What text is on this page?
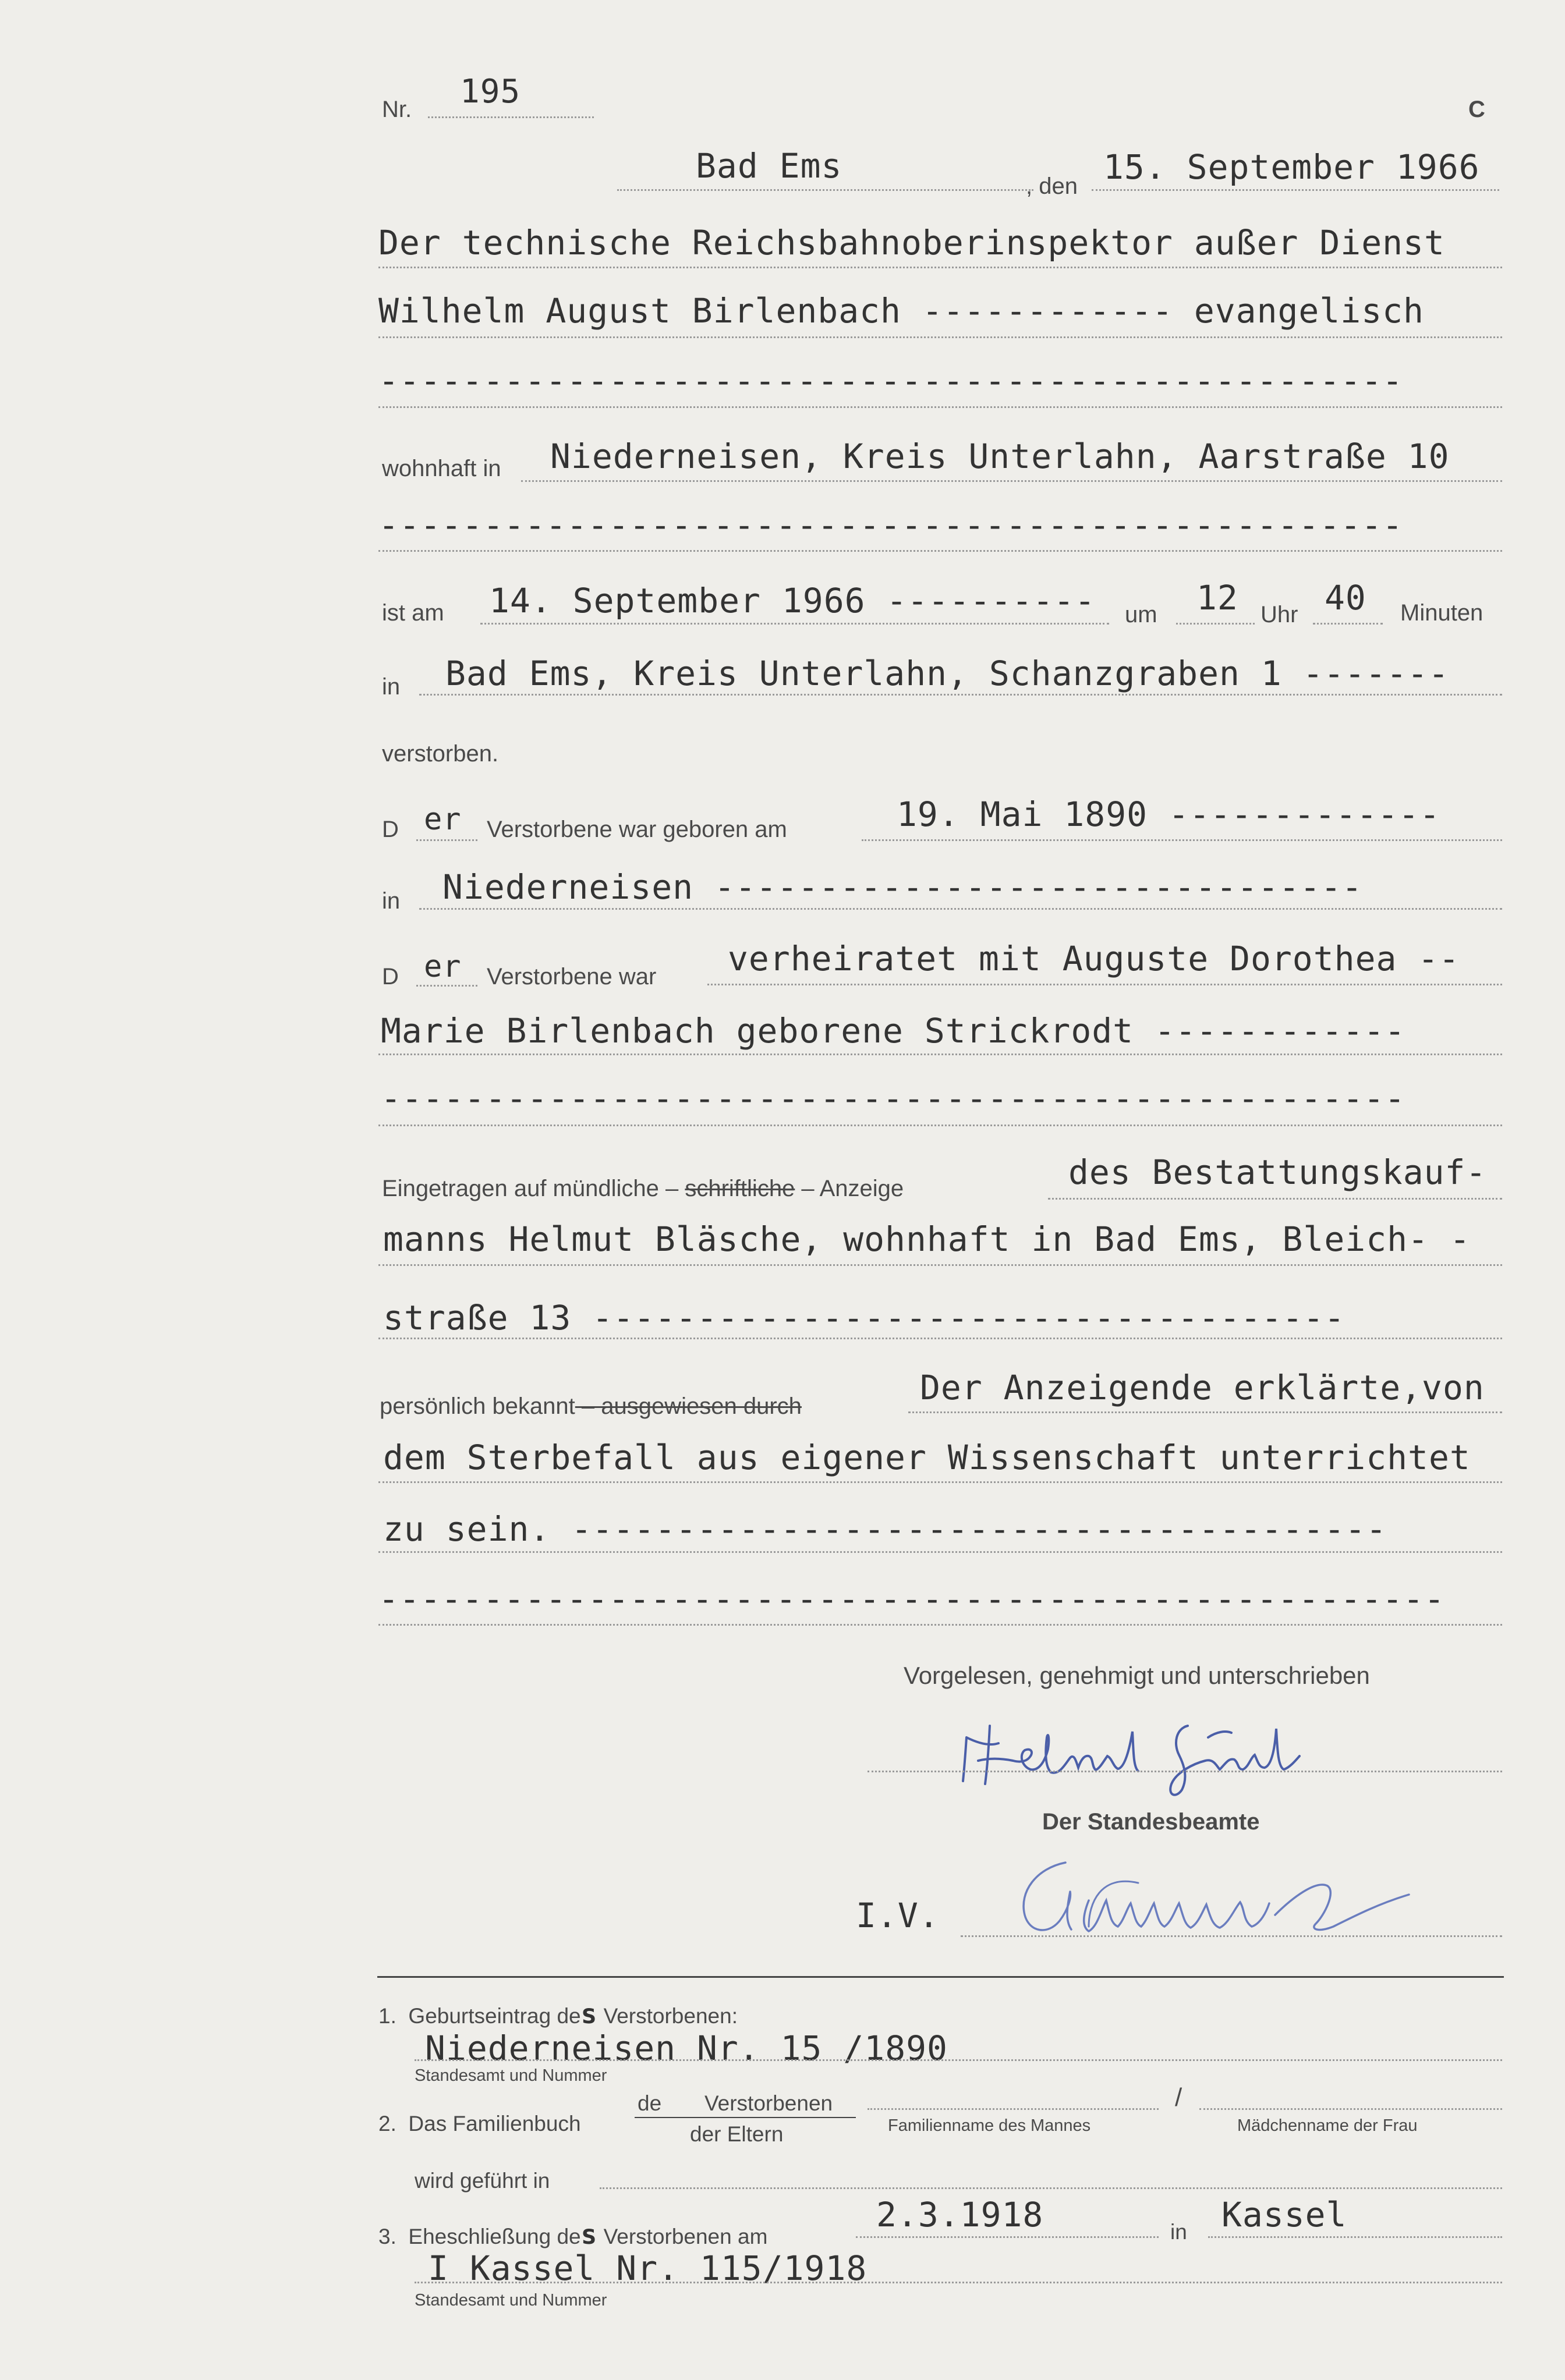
Nr. 195	C
Bad Ems
, den 15. September 1966
Der technische Reichsbahnoberinspektor außer Dienst
Wilhelm August Birlenbach ------------ evangelisch
-------------------------------------------------
wohnhaft in Niederneisen, Kreis Unterlahn, Aarstraße 10
-------------------------------------------------
ist am 14. September 1966 ---------- um 12 Uhr 40 Minuten
in Bad Ems, Kreis Unterlahn, Schanzgraben 1 -------
verstorben.
D er Verstorbene war geboren am	19. Mai 1890 -------------
in Niederneisen -------------------------------
D er Verstorbene war verheiratet mit Auguste Dorothea --
Marie Birlenbach geborene Strickrodt ------------
-------------------------------------------------
Eingetragen auf mündliche – schriftliche – Anzeige	des Bestattungskauf-
manns Helmut Bläsche, wohnhaft in Bad Ems, Bleich- -
straße 13 ------------------------------------
persönlich bekannt – ausgewiesen durch	Der Anzeigende erklärte,von
dem Sterbefall aus eigener Wissenschaft unterrichtet
zu sein. ---------------------------------------
---------------------------------------------------
Vorgelesen, genehmigt und unterschrieben
Helmut Bläsche
Der Standesbeamte
I.V.
Gamm
1.  Geburtseintrag des Verstorbenen:
Niederneisen Nr. 15 /1890
Standesamt und Nummer
2.  Das Familienbuch
de Verstorbenen
der Eltern	Familienname des Mannes
/
Mädchenname der Frau
wird geführt in
3.  Eheschließung des Verstorbenen am
2.3.1918	in Kassel
I Kassel Nr. 115/1918
Standesamt und Nummer
